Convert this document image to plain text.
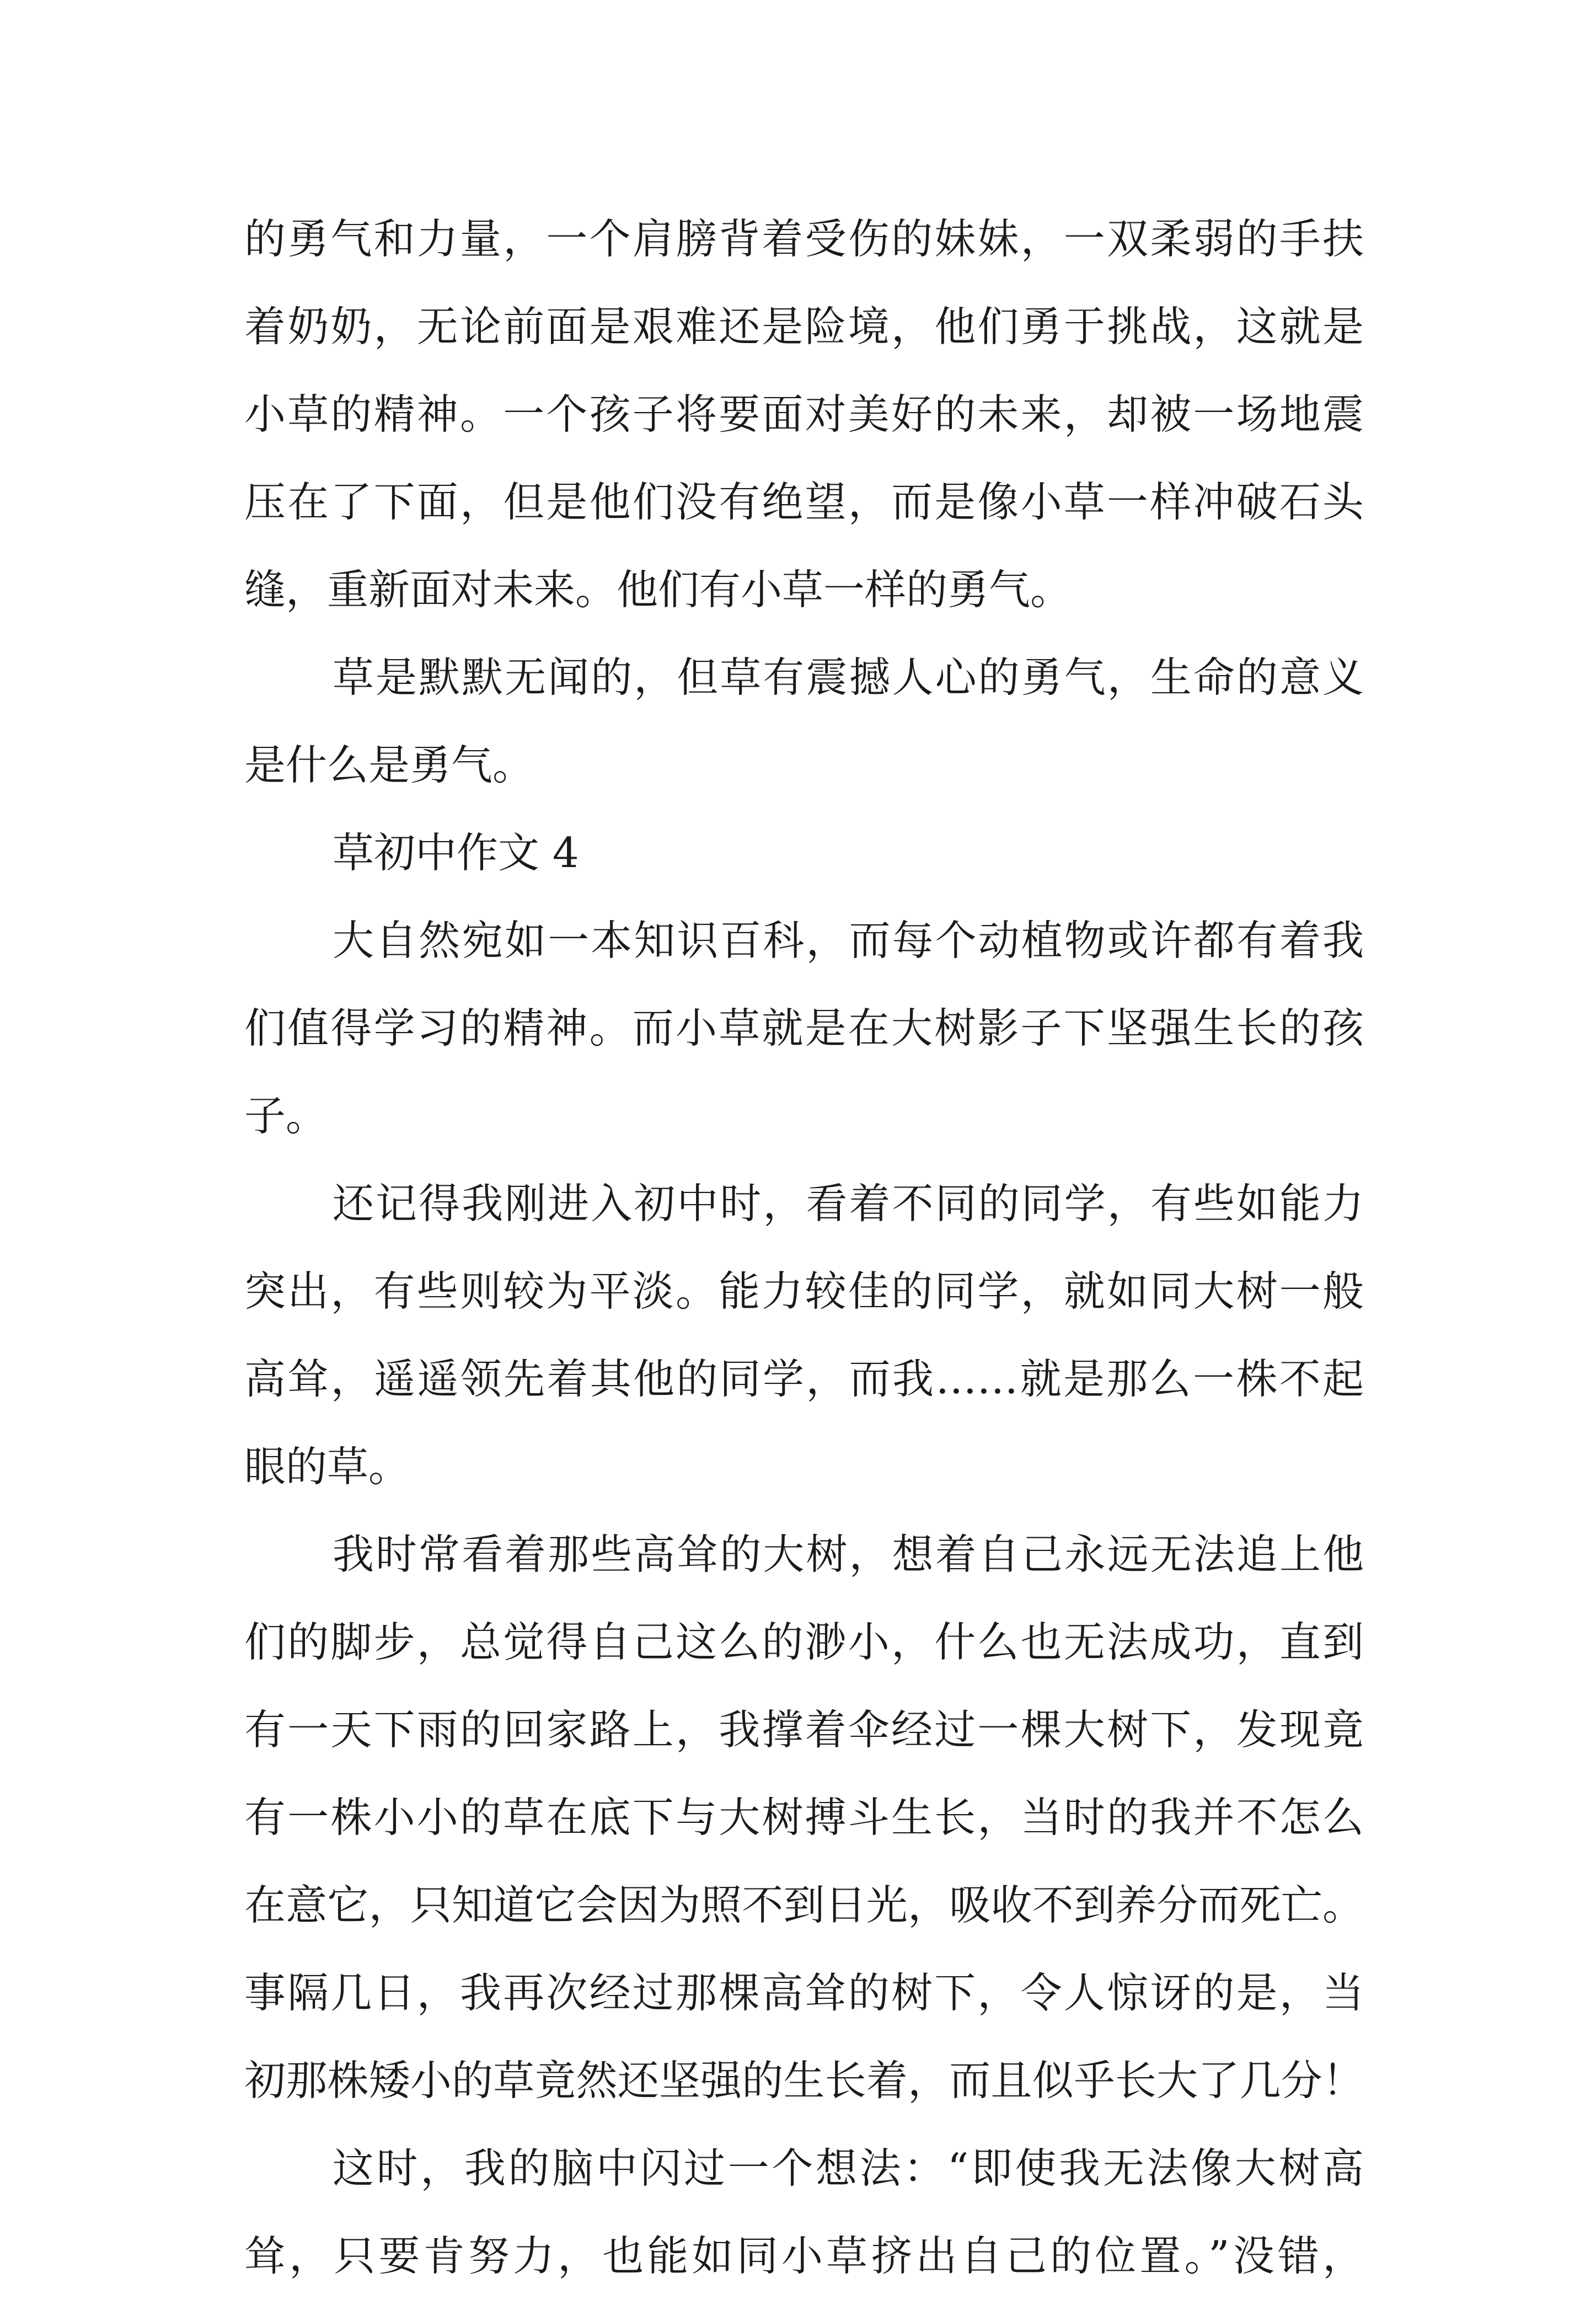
的勇气和力量，一个肩膀背着受伤的妹妹，一双柔弱的手扶
着奶奶，无论前面是艰难还是险境，他们勇于挑战，这就是
小草的精神。一个孩子将要面对美好的未来，却被一场地震
压在了下面，但是他们没有绝望，而是像小草一样冲破石头
缝，重新面对未来。他们有小草一样的勇气。
草是默默无闻的，但草有震撼人心的勇气，生命的意义
是什么是勇气。
草初中作文 4
大自然宛如一本知识百科，而每个动植物或许都有着我
们值得学习的精神。而小草就是在大树影子下坚强生长的孩
子。
还记得我刚进入初中时，看着不同的同学，有些如能力
突出，有些则较为平淡。能力较佳的同学，就如同大树一般
高耸，遥遥领先着其他的同学，而我……就是那么一株不起
眼的草。
我时常看着那些高耸的大树，想着自己永远无法追上他
们的脚步，总觉得自己这么的渺小，什么也无法成功，直到
有一天下雨的回家路上，我撑着伞经过一棵大树下，发现竟
有一株小小的草在底下与大树搏斗生长，当时的我并不怎么
在意它，只知道它会因为照不到日光，吸收不到养分而死亡。
事隔几日，我再次经过那棵高耸的树下，令人惊讶的是，当
初那株矮小的草竟然还坚强的生长着，而且似乎长大了几分！
这时，我的脑中闪过一个想法：“即使我无法像大树高
耸，只要肯努力，也能如同小草挤出自己的位置。”没错，
